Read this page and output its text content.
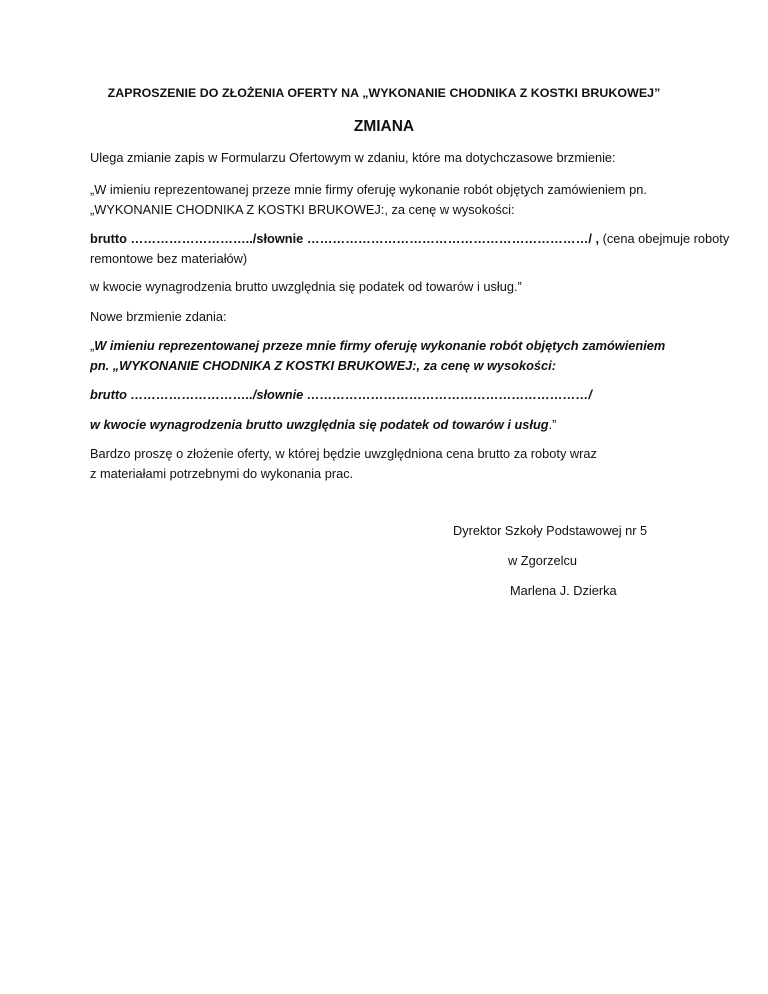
ZAPROSZENIE DO ZŁOŻENIA OFERTY NA „WYKONANIE CHODNIKA Z KOSTKI BRUKOWEJ”
ZMIANA

Ulega zmianie zapis w Formularzu Ofertowym w zdaniu, które ma dotychczasowe brzmienie:

„W imieniu reprezentowanej przeze mnie firmy oferuję wykonanie robót objętych zamówieniem pn.
„WYKONANIE CHODNIKA Z KOSTKI BRUKOWEJ:, za cenę w wysokości:
brutto ………………………../słownie …………………………………………………………/ , (cena obejmuje roboty
remontowe bez materiałów)

w kwocie wynagrodzenia brutto uwzględnia się podatek od towarów i usług.”

Nowe brzmienie zdania:

„W imieniu reprezentowanej przeze mnie firmy oferuję wykonanie robót objętych zamówieniem
pn. „WYKONANIE CHODNIKA Z KOSTKI BRUKOWEJ:, za cenę w wysokości:

brutto ………………………../słownie …………………………………………………………/

w kwocie wynagrodzenia brutto uwzględnia się podatek od towarów i usług.”

Bardzo proszę o złożenie oferty, w której będzie uwzględniona cena brutto za roboty wraz
z materiałami potrzebnymi do wykonania prac.
Dyrektor Szkoły Podstawowej nr 5
w Zgorzelcu
Marlena J. Dzierka
